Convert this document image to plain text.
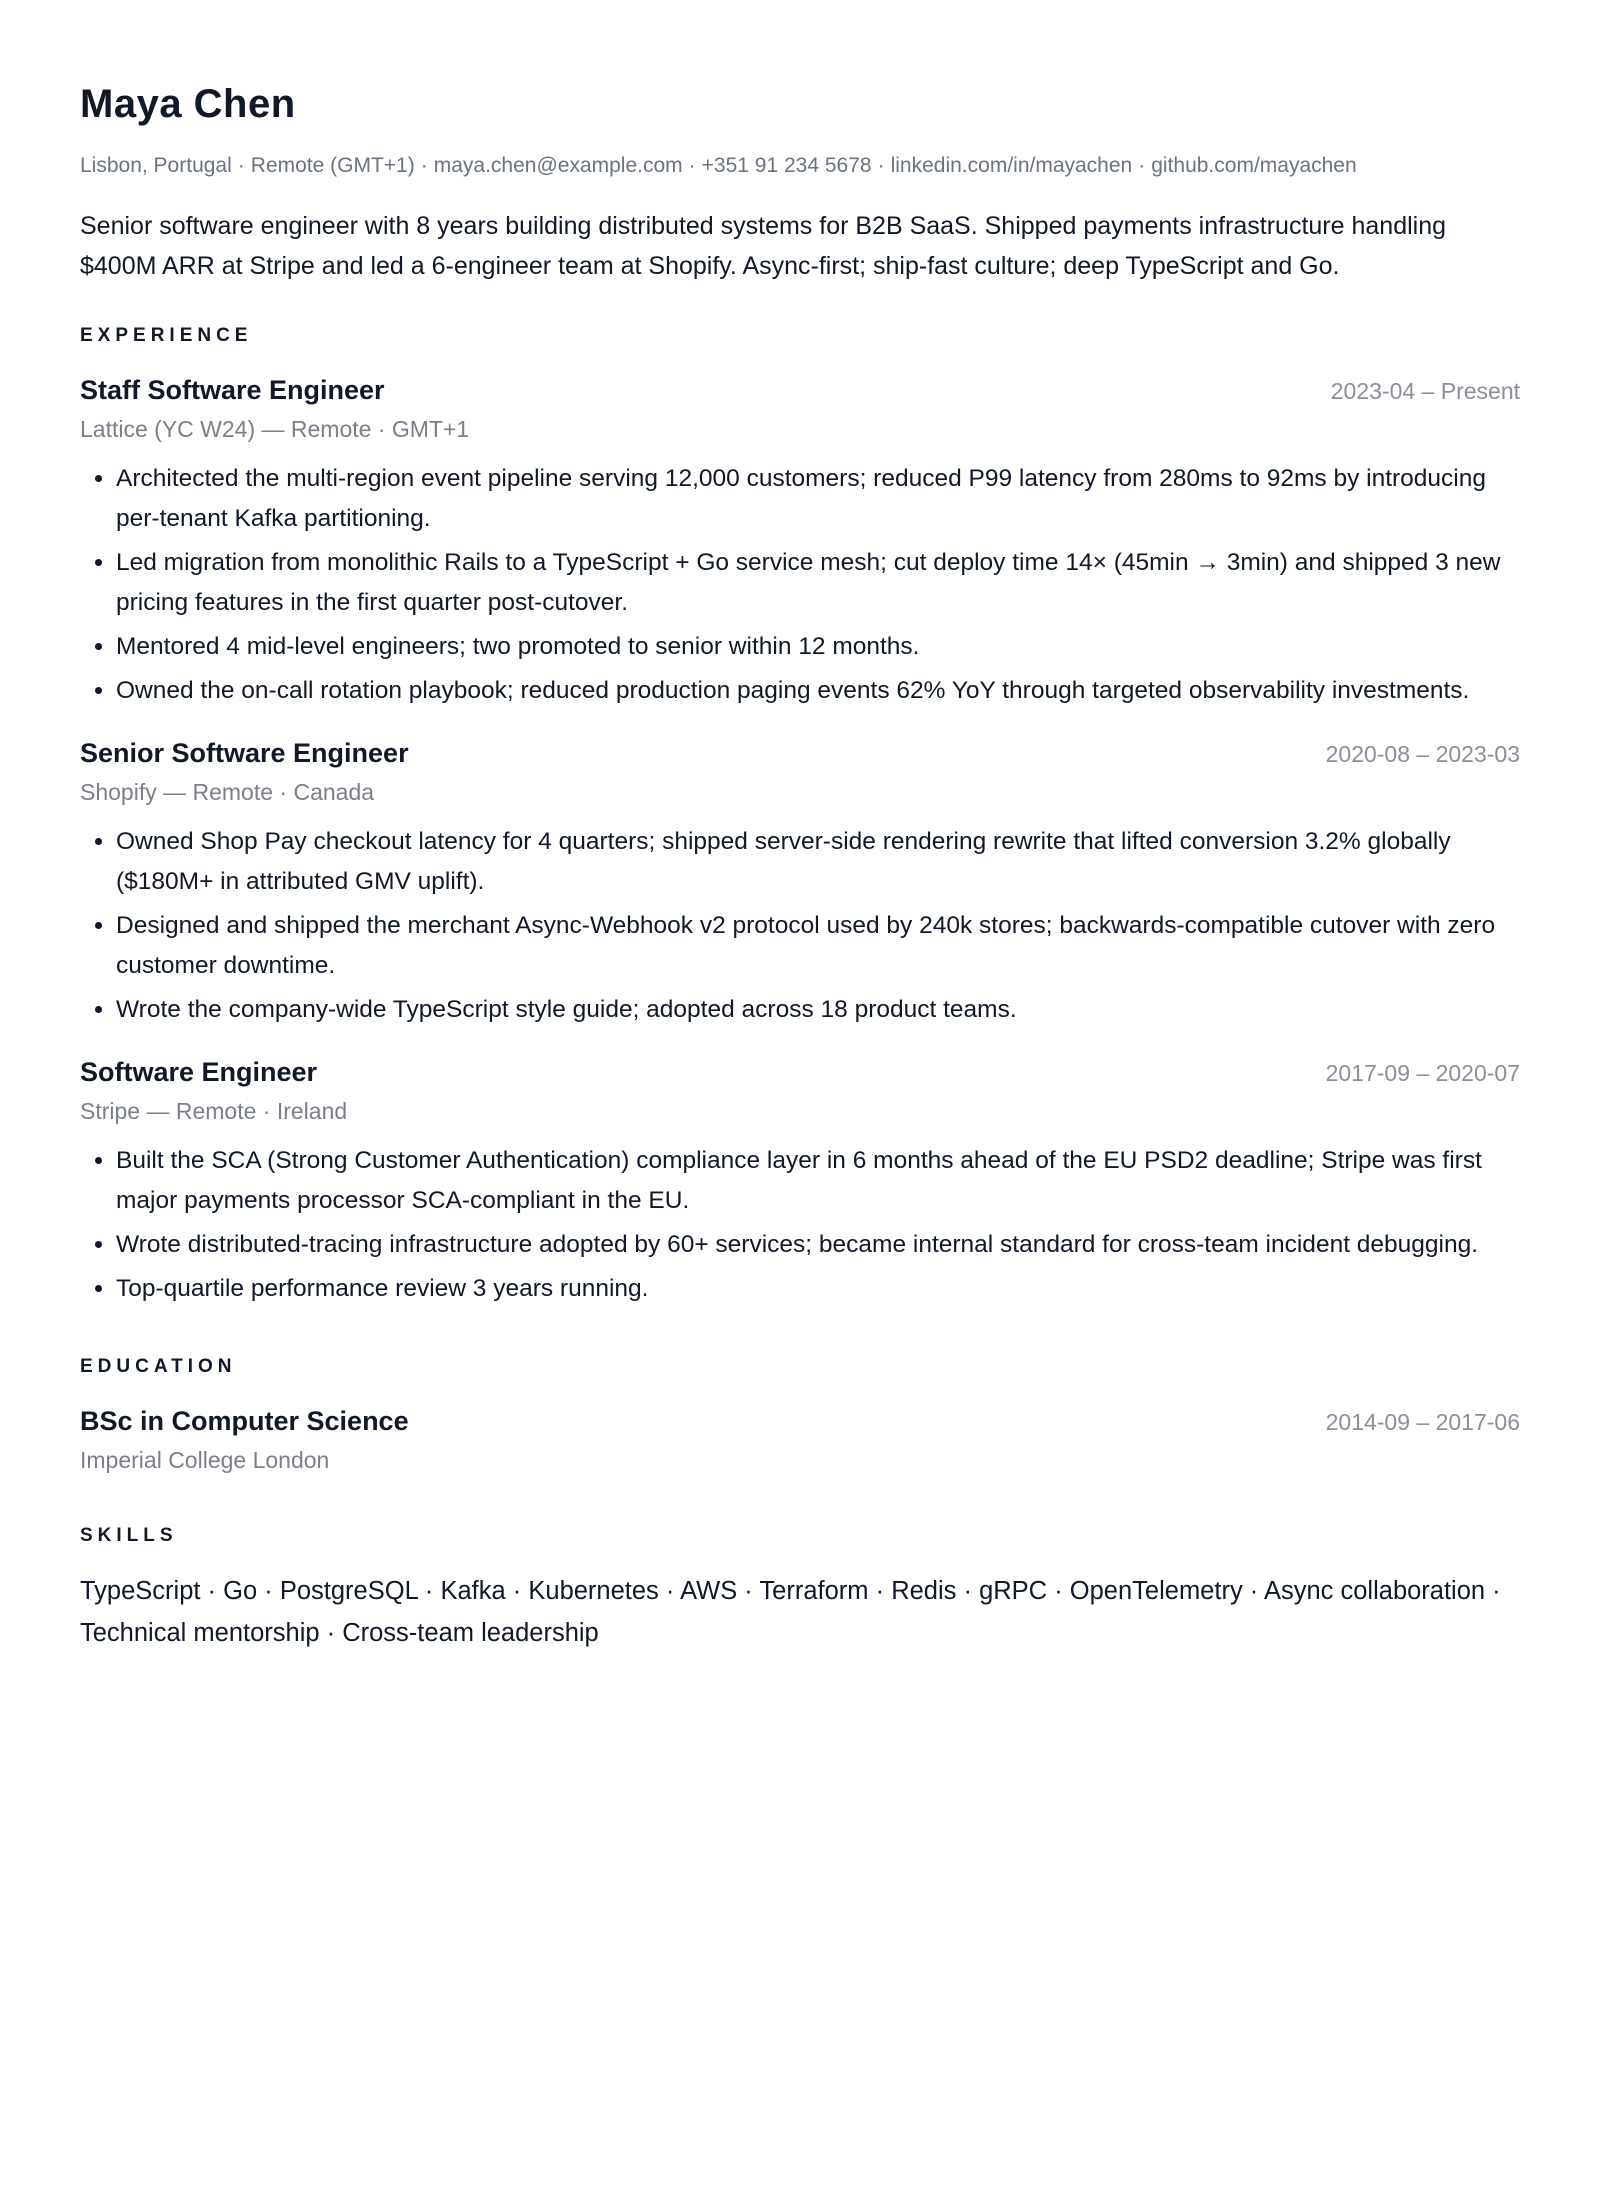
Maya Chen
Lisbon, Portugal · Remote (GMT+1) · maya.chen@example.com · +351 91 234 5678 · linkedin.com/in/mayachen · github.com/mayachen

Senior software engineer with 8 years building distributed systems for B2B SaaS. Shipped payments infrastructure handling $400M ARR at Stripe and led a 6-engineer team at Shopify. Async-first; ship-fast culture; deep TypeScript and Go.

EXPERIENCE
Staff Software Engineer	2023-04 – Present
Lattice (YC W24) — Remote · GMT+1
• Architected the multi-region event pipeline serving 12,000 customers; reduced P99 latency from 280ms to 92ms by introducing per-tenant Kafka partitioning.
• Led migration from monolithic Rails to a TypeScript + Go service mesh; cut deploy time 14× (45min → 3min) and shipped 3 new pricing features in the first quarter post-cutover.
• Mentored 4 mid-level engineers; two promoted to senior within 12 months.
• Owned the on-call rotation playbook; reduced production paging events 62% YoY through targeted observability investments.
Senior Software Engineer	2020-08 – 2023-03
Shopify — Remote · Canada
• Owned Shop Pay checkout latency for 4 quarters; shipped server-side rendering rewrite that lifted conversion 3.2% globally ($180M+ in attributed GMV uplift).
• Designed and shipped the merchant Async-Webhook v2 protocol used by 240k stores; backwards-compatible cutover with zero customer downtime.
• Wrote the company-wide TypeScript style guide; adopted across 18 product teams.
Software Engineer	2017-09 – 2020-07
Stripe — Remote · Ireland
• Built the SCA (Strong Customer Authentication) compliance layer in 6 months ahead of the EU PSD2 deadline; Stripe was first major payments processor SCA-compliant in the EU.
• Wrote distributed-tracing infrastructure adopted by 60+ services; became internal standard for cross-team incident debugging.
• Top-quartile performance review 3 years running.
EDUCATION
BSc in Computer Science	2014-09 – 2017-06
Imperial College London
SKILLS
TypeScript · Go · PostgreSQL · Kafka · Kubernetes · AWS · Terraform · Redis · gRPC · OpenTelemetry · Async collaboration · Technical mentorship · Cross-team leadership
